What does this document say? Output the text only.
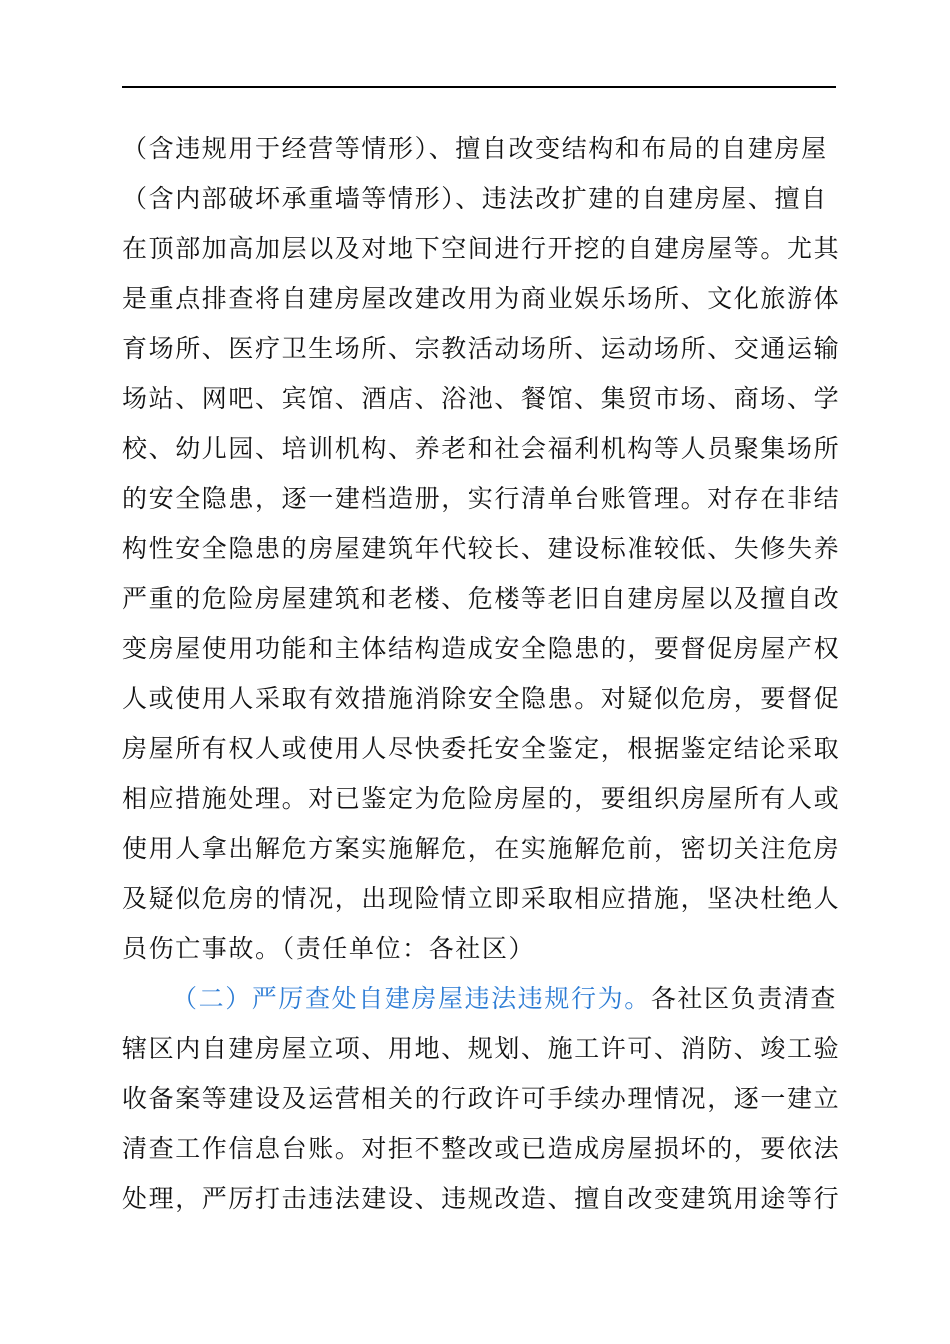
（含违规用于经营等情形）、擅自改变结构和布局的自建房屋
（含内部破坏承重墙等情形）、违法改扩建的自建房屋、擅自
在顶部加高加层以及对地下空间进行开挖的自建房屋等。尤其
是重点排查将自建房屋改建改用为商业娱乐场所、文化旅游体
育场所、医疗卫生场所、宗教活动场所、运动场所、交通运输
场站、网吧、宾馆、酒店、浴池、餐馆、集贸市场、商场、学
校、幼儿园、培训机构、养老和社会福利机构等人员聚集场所
的安全隐患，逐一建档造册，实行清单台账管理。对存在非结
构性安全隐患的房屋建筑年代较长、建设标准较低、失修失养
严重的危险房屋建筑和老楼、危楼等老旧自建房屋以及擅自改
变房屋使用功能和主体结构造成安全隐患的，要督促房屋产权
人或使用人采取有效措施消除安全隐患。对疑似危房，要督促
房屋所有权人或使用人尽快委托安全鉴定，根据鉴定结论采取
相应措施处理。对已鉴定为危险房屋的，要组织房屋所有人或
使用人拿出解危方案实施解危，在实施解危前，密切关注危房
及疑似危房的情况，出现险情立即采取相应措施，坚决杜绝人
员伤亡事故。（责任单位：各社区）
（二）严厉查处自建房屋违法违规行为。各社区负责清查
辖区内自建房屋立项、用地、规划、施工许可、消防、竣工验
收备案等建设及运营相关的行政许可手续办理情况，逐一建立
清查工作信息台账。对拒不整改或已造成房屋损坏的，要依法
处理，严厉打击违法建设、违规改造、擅自改变建筑用途等行
